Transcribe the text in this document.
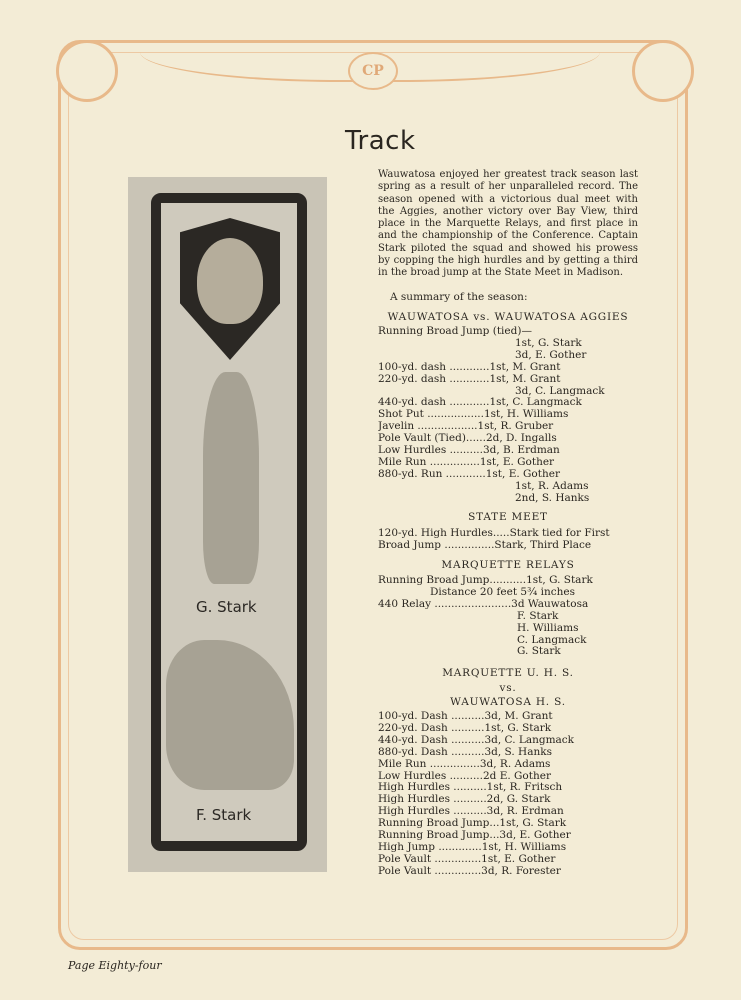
CP
Track
G. Stark
F. Stark
Wauwatosa enjoyed her greatest track season last spring as a result of her unparalleled record. The season opened with a victorious dual meet with the Aggies, another victory over Bay View, third place in the Marquette Relays, and first place in and the championship of the Conference. Captain Stark piloted the squad and showed his prowess by copping the high hurdles and by getting a third in the broad jump at the State Meet in Madison.
A summary of the season:
WAUWATOSA vs. WAUWATOSA AGGIES
Running Broad Jump (tied)—
1st, G. Stark
3d, E. Gother
100-yd. dash ............1st, M. Grant
220-yd. dash ............1st, M. Grant
3d, C. Langmack
440-yd. dash ............1st, C. Langmack
Shot Put .................1st, H. Williams
Javelin ..................1st, R. Gruber
Pole Vault (Tied)......2d, D. Ingalls
Low Hurdles ..........3d, B. Erdman
Mile Run ...............1st, E. Gother
880-yd. Run ............1st, E. Gother
1st, R. Adams
2nd, S. Hanks
STATE MEET
120-yd. High Hurdles.....Stark tied for First
Broad Jump ...............Stark, Third Place
MARQUETTE RELAYS
Running Broad Jump...........1st, G. Stark
Distance 20 feet 5¾ inches
440 Relay .......................3d Wauwatosa
F. Stark
H. Williams
C. Langmack
G. Stark
MARQUETTE U. H. S.
vs.
WAUWATOSA H. S.
100-yd. Dash ..........3d, M. Grant
220-yd. Dash ..........1st, G. Stark
440-yd. Dash ..........3d, C. Langmack
880-yd. Dash ..........3d, S. Hanks
Mile Run ...............3d, R. Adams
Low Hurdles ..........2d E. Gother
High Hurdles ..........1st, R. Fritsch
High Hurdles ..........2d, G. Stark
High Hurdles ..........3d, R. Erdman
Running Broad Jump...1st, G. Stark
Running Broad Jump...3d, E. Gother
High Jump .............1st, H. Williams
Pole Vault ..............1st, E. Gother
Pole Vault ..............3d, R. Forester
Page Eighty-four
